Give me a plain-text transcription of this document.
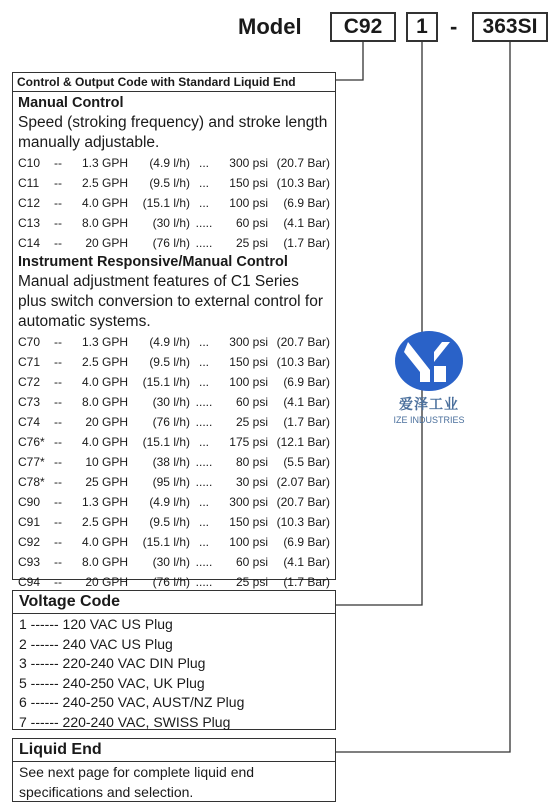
Model	C92	1	-	363SI
Control & Output Code with Standard Liquid End
Manual Control
Speed (stroking frequency) and stroke length manually adjustable.
C10	--	1.3 GPH	(4.9 l/h)	...	300 psi	(20.7 Bar)
C11	--	2.5 GPH	(9.5 l/h)	...	150 psi	(10.3 Bar)
C12	--	4.0 GPH	(15.1 l/h)	...	100 psi	(6.9 Bar)
C13	--	8.0 GPH	(30 l/h)	.....	60 psi	(4.1 Bar)
C14	--	20 GPH	(76 l/h)	.....	25 psi	(1.7 Bar)
Instrument Responsive/Manual Control
Manual adjustment features of C1 Series plus switch conversion to external control for automatic systems.
C70	--	1.3 GPH	(4.9 l/h)	...	300 psi	(20.7 Bar)
C71	--	2.5 GPH	(9.5 l/h)	...	150 psi	(10.3 Bar)
C72	--	4.0 GPH	(15.1 l/h)	...	100 psi	(6.9 Bar)
C73	--	8.0 GPH	(30 l/h)	.....	60 psi	(4.1 Bar)
C74	--	20 GPH	(76 l/h)	.....	25 psi	(1.7 Bar)
C76*	--	4.0 GPH	(15.1 l/h)	...	175 psi	(12.1 Bar)
C77*	--	10 GPH	(38 l/h)	.....	80 psi	(5.5 Bar)
C78*	--	25 GPH	(95 l/h)	.....	30 psi	(2.07 Bar)
C90	--	1.3 GPH	(4.9 l/h)	...	300 psi	(20.7 Bar)
C91	--	2.5 GPH	(9.5 l/h)	...	150 psi	(10.3 Bar)
C92	--	4.0 GPH	(15.1 l/h)	...	100 psi	(6.9 Bar)
C93	--	8.0 GPH	(30 l/h)	.....	60 psi	(4.1 Bar)
C94	--	20 GPH	(76 l/h)	.....	25 psi	(1.7 Bar)
Voltage Code
1 ------ 120 VAC US Plug
2 ------ 240 VAC US Plug
3 ------ 220-240 VAC DIN Plug
5 ------ 240-250 VAC, UK Plug
6 ------ 240-250 VAC, AUST/NZ Plug
7 ------ 220-240 VAC, SWISS Plug
Liquid End
See next page for complete liquid end specifications and selection.
爱泽工业
IZE INDUSTRIES
